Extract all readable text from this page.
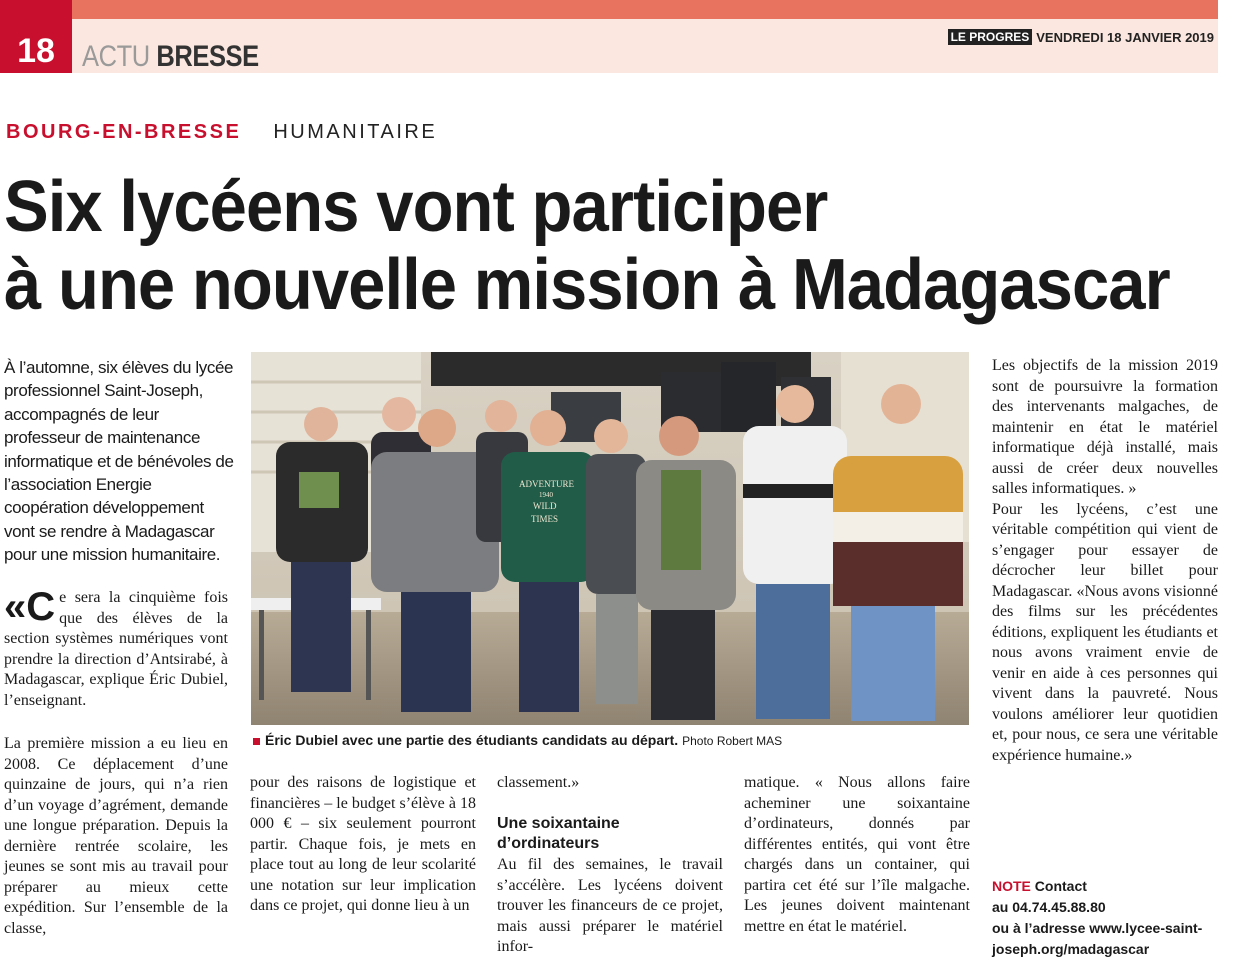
18 ACTU BRESSE
LE PROGRES VENDREDI 18 JANVIER 2019
BOURG-EN-BRESSE HUMANITAIRE
Six lycéens vont participer
à une nouvelle mission à Madagascar
À l’automne, six élèves du lycée professionnel Saint-Joseph, accompagnés de leur professeur de maintenance informatique et de bénévoles de l’association Energie coopération développement vont se rendre à Madagascar pour une mission humanitaire.
«C e sera la cinquième fois que des élèves de la section systèmes numériques vont prendre la direction d’Antsirabé, à Madagascar, explique Éric Dubiel, l’enseignant.
La première mission a eu lieu en 2008. Ce déplacement d’une quinzaine de jours, qui n’a rien d’un voyage d’agrément, demande une longue préparation. Depuis la dernière rentrée scolaire, les jeunes se sont mis au travail pour préparer au mieux cette expédition. Sur l’ensemble de la classe,
ADVENTURE
1940
WILD
TIMES
Éric Dubiel avec une partie des étudiants candidats au départ. Photo Robert MAS
pour des raisons de logistique et financières – le budget s’élève à 18 000 € – six seulement pourront partir. Chaque fois, je mets en place tout au long de leur scolarité une notation sur leur implication dans ce projet, qui donne lieu à un
classement.»
Une soixantaine d’ordinateurs
Au fil des semaines, le travail s’accélère. Les lycéens doivent trouver les financeurs de ce projet, mais aussi préparer le matériel infor-
matique. « Nous allons faire acheminer une soixantaine d’ordinateurs, donnés par différentes entités, qui vont être chargés dans un container, qui partira cet été sur l’île malgache. Les jeunes doivent maintenant mettre en état le matériel.

Les objectifs de la mission 2019 sont de poursuivre la formation des intervenants malgaches, de maintenir en état le matériel informatique déjà installé, mais aussi de créer deux nouvelles salles informatiques. »

Pour les lycéens, c’est une véritable compétition qui vient de s’engager pour essayer de décrocher leur billet pour Madagascar. «Nous avons visionné des films sur les précédentes éditions, expliquent les étudiants et nous avons vraiment envie de venir en aide à ces personnes qui vivent dans la pauvreté. Nous voulons améliorer leur quotidien et, pour nous, ce sera une véritable expérience humaine.»

NOTE Contact
au 04.74.45.88.80
ou à l’adresse www.lycee-saint-
joseph.org/madagascar
